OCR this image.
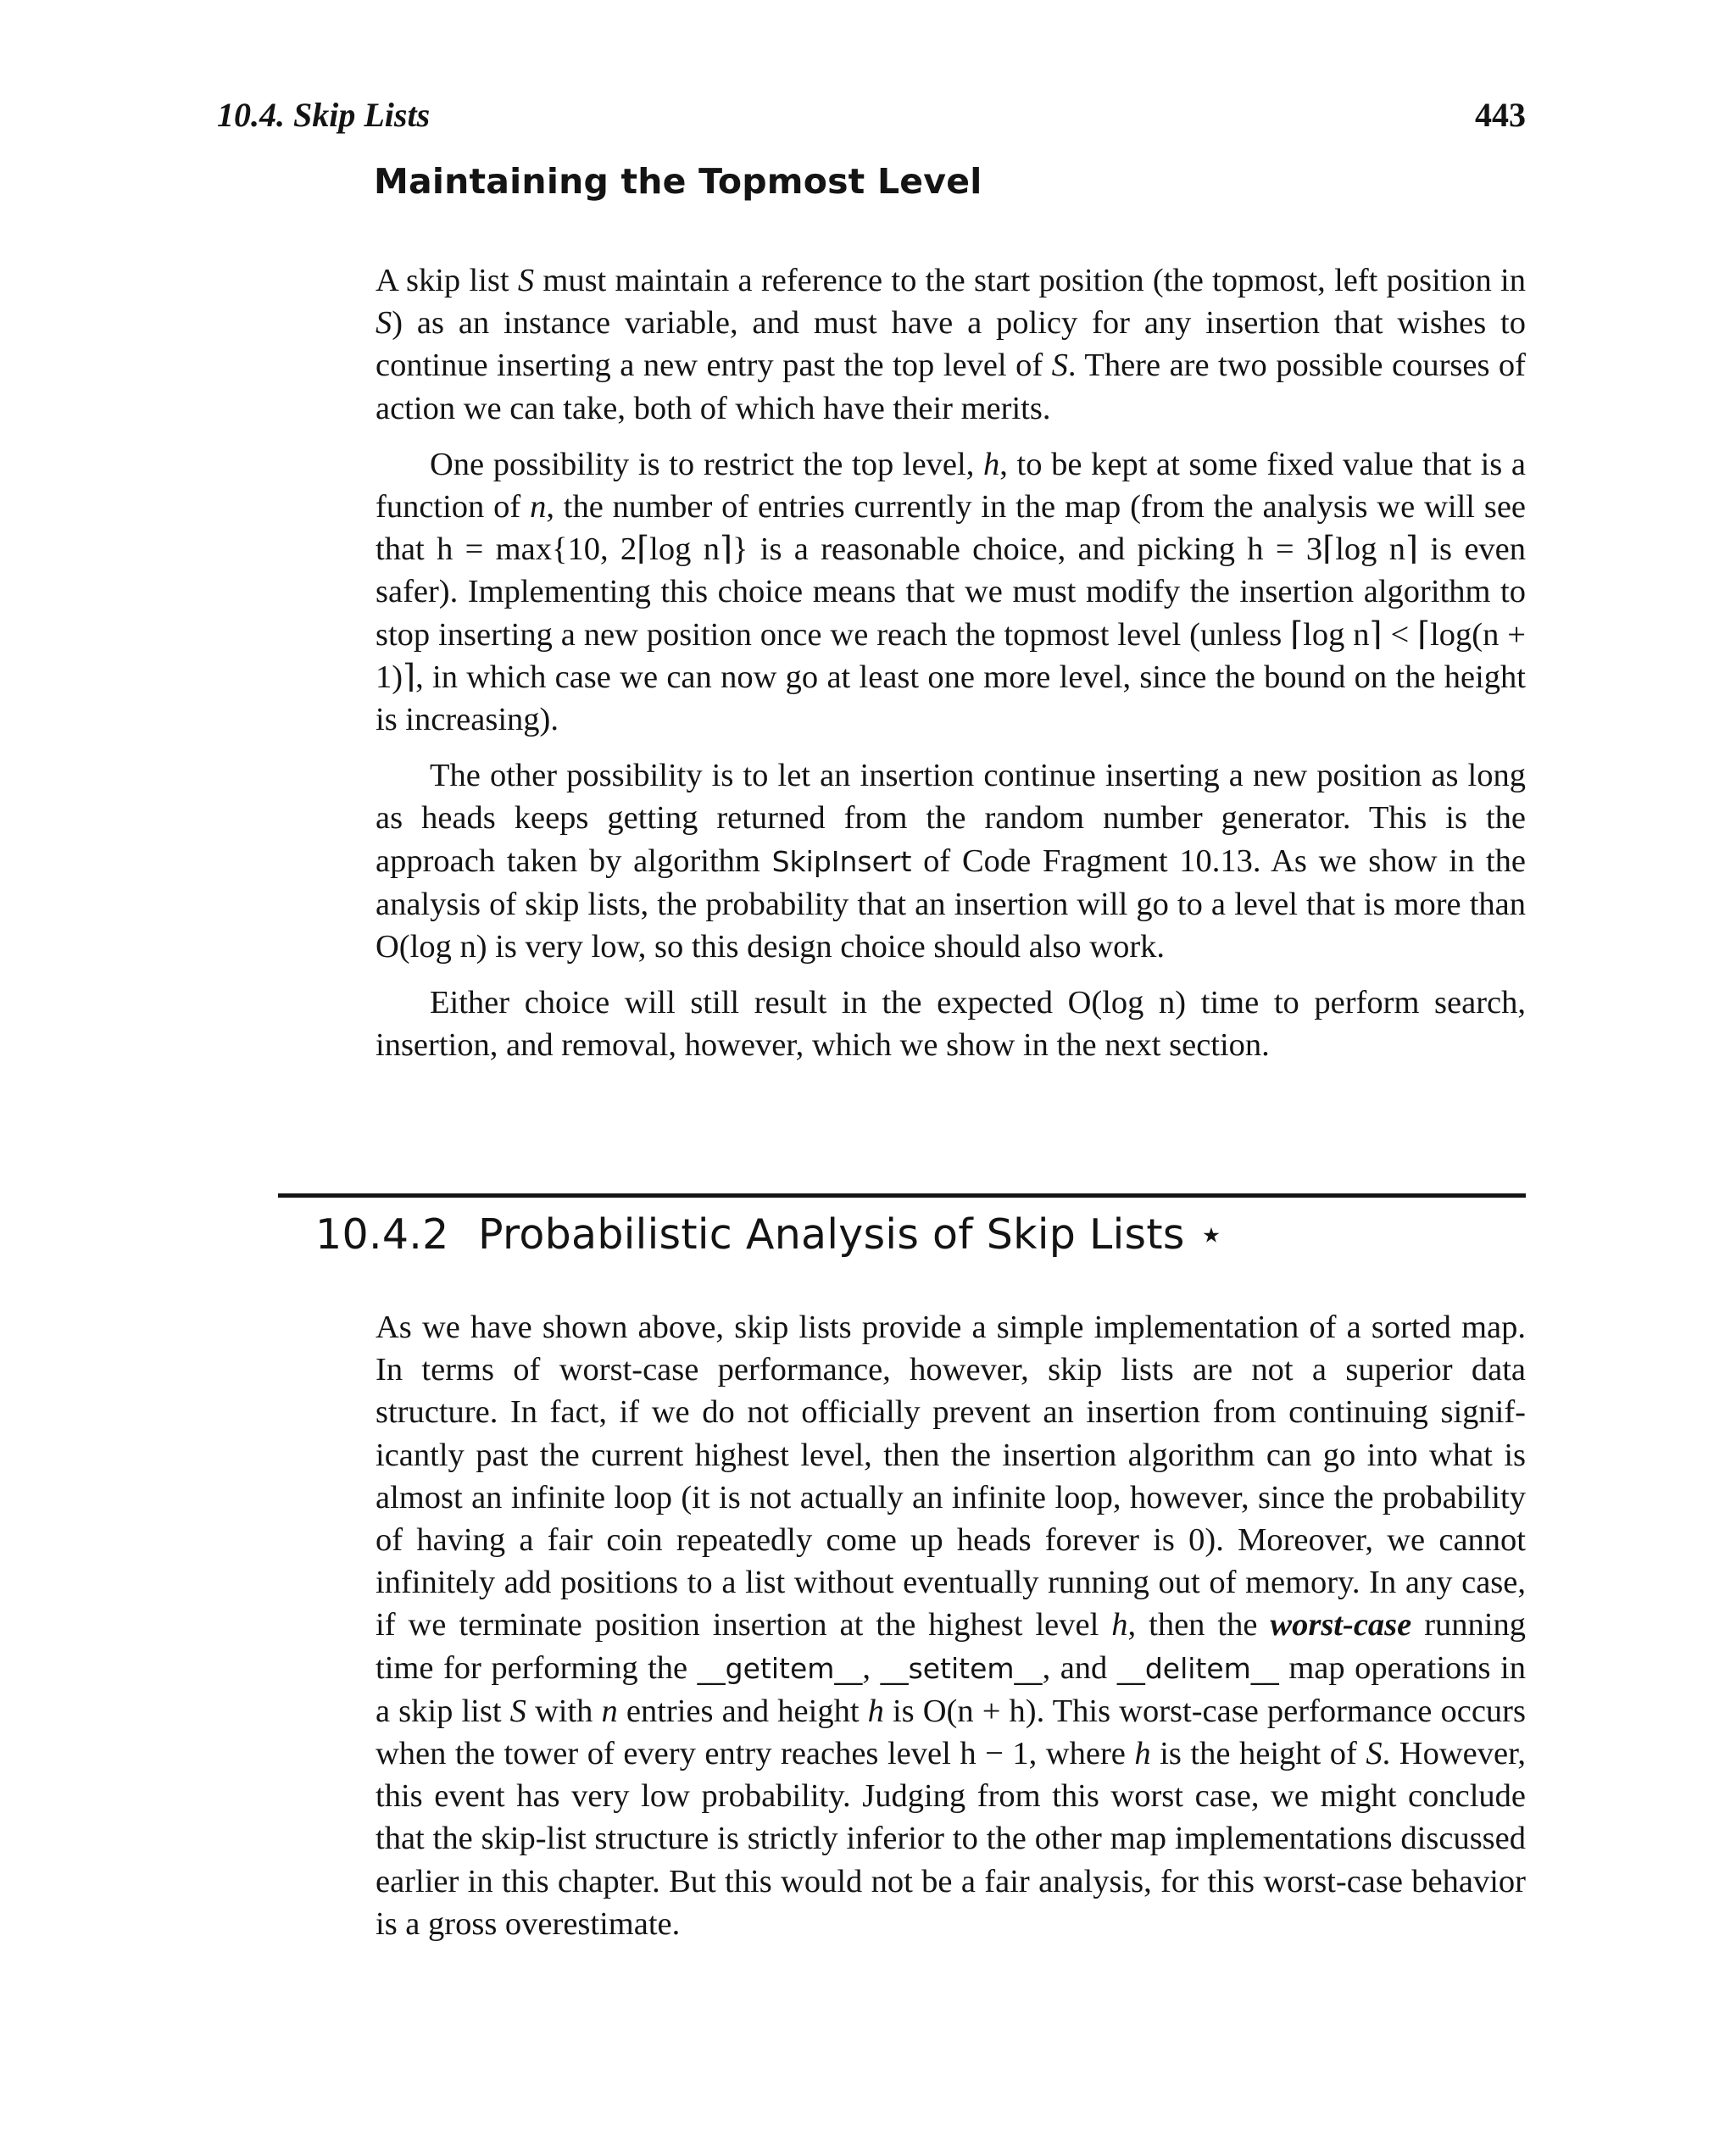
10.4. Skip Lists	443
Maintaining the Topmost Level

A skip list S must maintain a reference to the start position (the topmost, left position in S) as an instance variable, and must have a policy for any insertion that wishes to continue inserting a new entry past the top level of S. There are two possible courses of action we can take, both of which have their merits.

One possibility is to restrict the top level, h, to be kept at some fixed value that is a function of n, the number of entries currently in the map (from the analysis we will see that h = max{10, 2⌈log n⌉} is a reasonable choice, and picking h = 3⌈log n⌉ is even safer). Implementing this choice means that we must modify the insertion algorithm to stop inserting a new position once we reach the topmost level (unless ⌈log n⌉ < ⌈log(n + 1)⌉, in which case we can now go at least one more level, since the bound on the height is increasing).

The other possibility is to let an insertion continue inserting a new position as long as heads keeps getting returned from the random number generator. This is the approach taken by algorithm SkipInsert of Code Fragment 10.13. As we show in the analysis of skip lists, the probability that an insertion will go to a level that is more than O(log n) is very low, so this design choice should also work.

Either choice will still result in the expected O(log n) time to perform search, insertion, and removal, however, which we show in the next section.

10.4.2 Probabilistic Analysis of Skip Lists ⋆

As we have shown above, skip lists provide a simple implementation of a sorted map. In terms of worst-case performance, however, skip lists are not a superior data structure. In fact, if we do not officially prevent an insertion from continuing significantly past the current highest level, then the insertion algorithm can go into what is almost an infinite loop (it is not actually an infinite loop, however, since the probability of having a fair coin repeatedly come up heads forever is 0). Moreover, we cannot infinitely add positions to a list without eventually running out of memory. In any case, if we terminate position insertion at the highest level h, then the worst-case running time for performing the __getitem__, __setitem__, and __delitem__ map operations in a skip list S with n entries and height h is O(n + h). This worst-case performance occurs when the tower of every entry reaches level h − 1, where h is the height of S. However, this event has very low probability. Judging from this worst case, we might conclude that the skip-list structure is strictly inferior to the other map implementations discussed earlier in this chapter. But this would not be a fair analysis, for this worst-case behavior is a gross overestimate.
